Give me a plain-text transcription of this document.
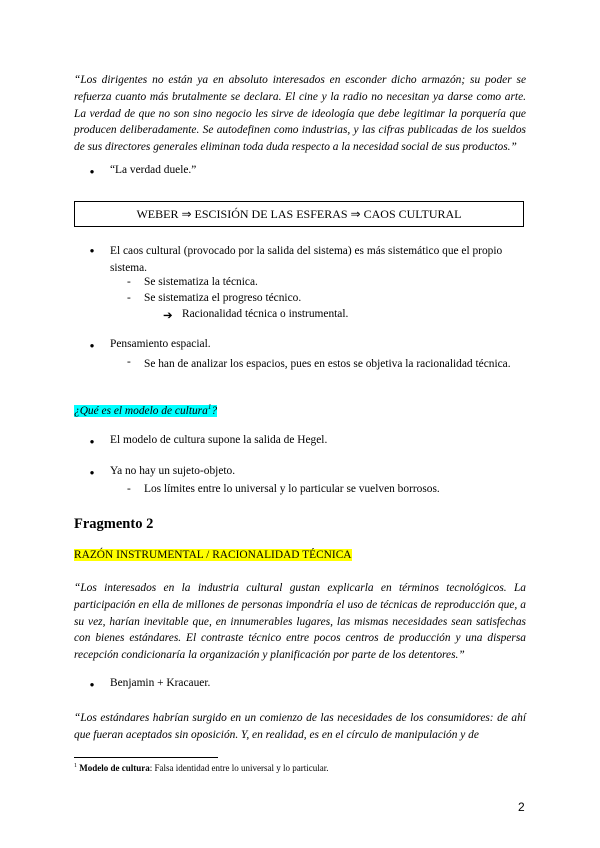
“Los dirigentes no están ya en absoluto interesados en esconder dicho armazón; su poder se refuerza cuanto más brutalmente se declara. El cine y la radio no necesitan ya darse como arte. La verdad de que no son sino negocio les sirve de ideología que debe legitimar la porquería que producen deliberadamente. Se autodefinen como industrias, y las cifras publicadas de los sueldos de sus directores generales eliminan toda duda respecto a la necesidad social de sus productos.”
● “La verdad duele.”
WEBER ⇒ ESCISIÓN DE LAS ESFERAS ⇒ CAOS CULTURAL
● El caos cultural (provocado por la salida del sistema) es más sistemático que el propio sistema.
- Se sistematiza la técnica.
- Se sistematiza el progreso técnico.
➔ Racionalidad técnica o instrumental.
● Pensamiento espacial.
- Se han de analizar los espacios, pues en estos se objetiva la racionalidad técnica.
¿Qué es el modelo de cultura$^1$?
● El modelo de cultura supone la salida de Hegel.
● Ya no hay un sujeto-objeto.
- Los límites entre lo universal y lo particular se vuelven borrosos.
Fragmento 2
RAZÓN INSTRUMENTAL / RACIONALIDAD TÉCNICA
“Los interesados en la industria cultural gustan explicarla en términos tecnológicos. La participación en ella de millones de personas impondría el uso de técnicas de reproducción que, a su vez, harían inevitable que, en innumerables lugares, las mismas necesidades sean satisfechas con bienes estándares. El contraste técnico entre pocos centros de producción y una dispersa recepción condicionaría la organización y planificación por parte de los detentores.”
● Benjamin + Kracauer.
“Los estándares habrían surgido en un comienzo de las necesidades de los consumidores: de ahí que fueran aceptados sin oposición. Y, en realidad, es en el círculo de manipulación y de
$^1$ Modelo de cultura: Falsa identidad entre lo universal y lo particular.
2
